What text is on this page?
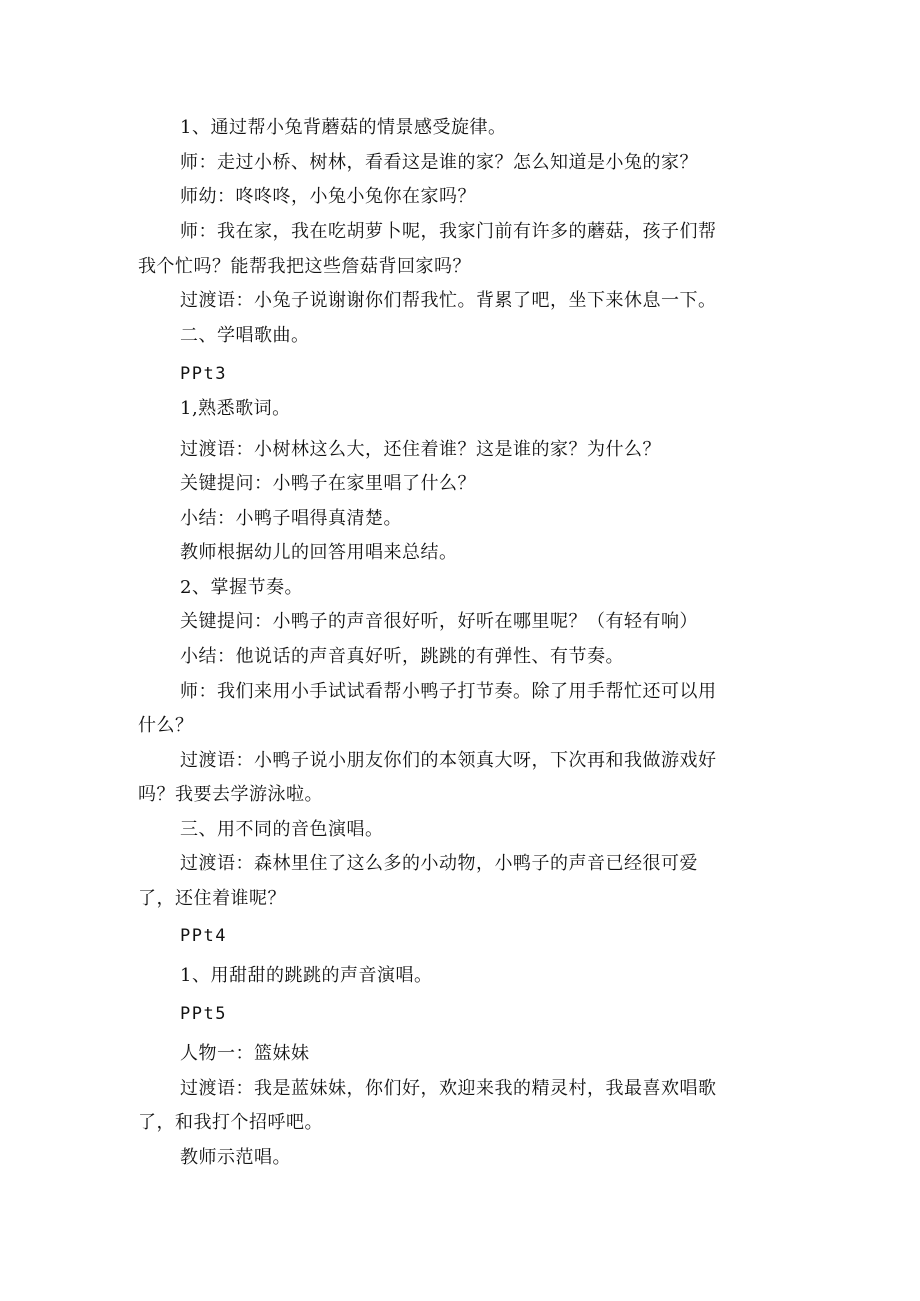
1、通过帮小兔背蘑菇的情景感受旋律。
师：走过小桥、树林，看看这是谁的家？怎么知道是小兔的家？
师幼：咚咚咚，小兔小兔你在家吗？
师：我在家，我在吃胡萝卜呢，我家门前有许多的蘑菇，孩子们帮
我个忙吗？能帮我把这些詹菇背回家吗？
过渡语：小兔子说谢谢你们帮我忙。背累了吧，坐下来休息一下。
二、学唱歌曲。
PPt3
1,熟悉歌词。
过渡语：小树林这么大，还住着谁？这是谁的家？为什么？
关键提问：小鸭子在家里唱了什么？
小结：小鸭子唱得真清楚。
教师根据幼儿的回答用唱来总结。
2、掌握节奏。
关键提问：小鸭子的声音很好听，好听在哪里呢？（有轻有响）
小结：他说话的声音真好听，跳跳的有弹性、有节奏。
师：我们来用小手试试看帮小鸭子打节奏。除了用手帮忙还可以用
什么？
过渡语：小鸭子说小朋友你们的本领真大呀，下次再和我做游戏好
吗？我要去学游泳啦。
三、用不同的音色演唱。
过渡语：森林里住了这么多的小动物，小鸭子的声音已经很可爱
了，还住着谁呢？
PPt4
1、用甜甜的跳跳的声音演唱。
PPt5
人物一：篮妹妹
过渡语：我是蓝妹妹，你们好，欢迎来我的精灵村，我最喜欢唱歌
了，和我打个招呼吧。
教师示范唱。
